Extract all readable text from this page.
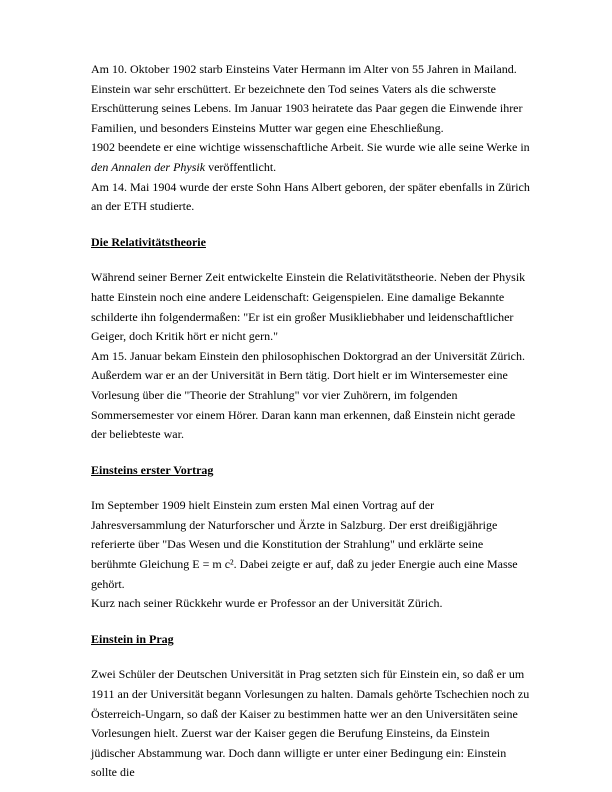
Am 10. Oktober 1902 starb Einsteins Vater Hermann im Alter von 55 Jahren in Mailand. Einstein war sehr erschüttert. Er bezeichnete den Tod seines Vaters als die schwerste Erschütterung seines Lebens. Im Januar 1903 heiratete das Paar gegen die Einwende ihrer Familien, und besonders Einsteins Mutter war gegen eine Eheschließung.

1902 beendete er eine wichtige wissenschaftliche Arbeit. Sie wurde wie alle seine Werke in den Annalen der Physik veröffentlicht.

Am 14. Mai 1904 wurde der erste Sohn Hans Albert geboren, der später ebenfalls in Zürich an der ETH studierte.

Die Relativitätstheorie

Während seiner Berner Zeit entwickelte Einstein die Relativitätstheorie. Neben der Physik hatte Einstein noch eine andere Leidenschaft: Geigenspielen. Eine damalige Bekannte schilderte ihn folgendermaßen: "Er ist ein großer Musikliebhaber und leidenschaftlicher Geiger, doch Kritik hört er nicht gern."

Am 15. Januar bekam Einstein den philosophischen Doktorgrad an der Universität Zürich. Außerdem war er an der Universität in Bern tätig. Dort hielt er im Wintersemester eine Vorlesung über die "Theorie der Strahlung" vor vier Zuhörern, im folgenden Sommersemester vor einem Hörer. Daran kann man erkennen, daß Einstein nicht gerade der beliebteste war.

Einsteins erster Vortrag

Im September 1909 hielt Einstein zum ersten Mal einen Vortrag auf der Jahresversammlung der Naturforscher und Ärzte in Salzburg. Der erst dreißigjährige referierte über "Das Wesen und die Konstitution der Strahlung" und erklärte seine berühmte Gleichung E = m c². Dabei zeigte er auf, daß zu jeder Energie auch eine Masse gehört.

Kurz nach seiner Rückkehr wurde er Professor an der Universität Zürich.

Einstein in Prag

Zwei Schüler der Deutschen Universität in Prag setzten sich für Einstein ein, so daß er um 1911 an der Universität begann Vorlesungen zu halten. Damals gehörte Tschechien noch zu Österreich-Ungarn, so daß der Kaiser zu bestimmen hatte wer an den Universitäten seine Vorlesungen hielt. Zuerst war der Kaiser gegen die Berufung Einsteins, da Einstein jüdischer Abstammung war. Doch dann willigte er unter einer Bedingung ein: Einstein sollte die
